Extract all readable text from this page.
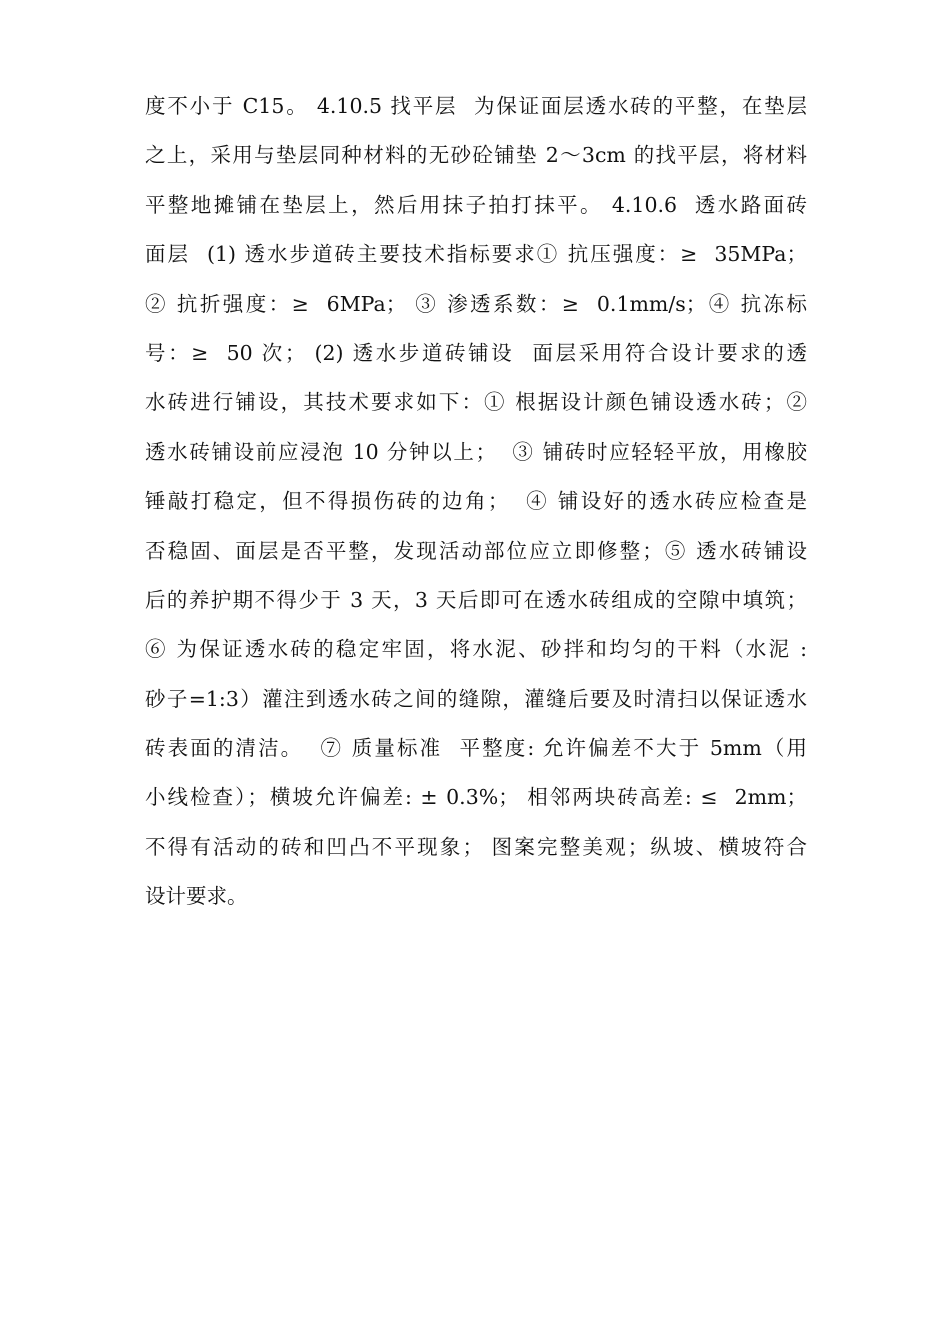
度不小于 C15。 4.10.5 找平层  为保证面层透水砖的平整，在垫层
之上，采用与垫层同种材料的无砂砼铺垫 2～3cm 的找平层，将材料
平整地摊铺在垫层上，然后用抹子拍打抹平。 4.10.6  透水路面砖
面层  (1) 透水步道砖主要技术指标要求① 抗压强度：≥  35MPa；
② 抗折强度：≥  6MPa； ③ 渗透系数：≥  0.1mm/s；④ 抗冻标
号：≥  50 次； (2) 透水步道砖铺设  面层采用符合设计要求的透
水砖进行铺设，其技术要求如下：① 根据设计颜色铺设透水砖；②
透水砖铺设前应浸泡 10 分钟以上；  ③ 铺砖时应轻轻平放，用橡胶
锤敲打稳定，但不得损伤砖的边角；  ④ 铺设好的透水砖应检查是
否稳固、面层是否平整，发现活动部位应立即修整；⑤ 透水砖铺设
后的养护期不得少于 3 天，3 天后即可在透水砖组成的空隙中填筑；
⑥ 为保证透水砖的稳定牢固，将水泥、砂拌和均匀的干料（水泥 :
砂子=1:3）灌注到透水砖之间的缝隙，灌缝后要及时清扫以保证透水
砖表面的清洁。  ⑦ 质量标准  平整度: 允许偏差不大于 5mm（用
小线检查）；横坡允许偏差: ± 0.3%； 相邻两块砖高差: ≤  2mm；
不得有活动的砖和凹凸不平现象； 图案完整美观；纵坡、横坡符合
设计要求。
